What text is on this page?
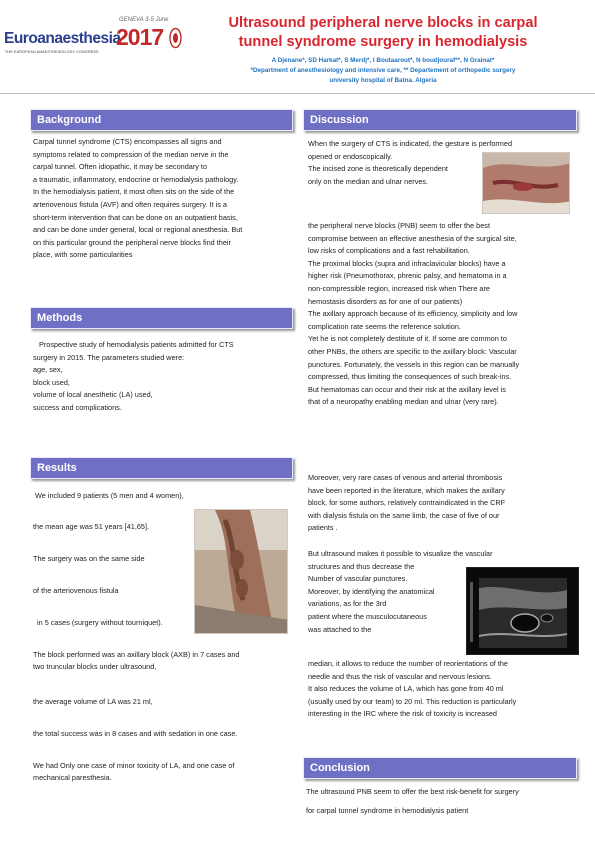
GENEVA 3-5 June
Euroanaesthesia
2017
THE EUROPEAN ANAESTHESIOLOGY CONGRESS
Ultrasound peripheral nerve blocks in carpal
tunnel syndrome surgery in hemodialysis
A Djenane*, SD Harkat*, S Merdj*, I Boutaarout*, N boudjouraf**, N Grainat*
*Department of anesthesiology and intensive care, ** Departement of orthopedic surgery
university hospital of Batna. Algeria
Background

Carpal tunnel syndrome (CTS) encompasses all signs and

symptoms related to compression of the median nerve in the

carpal tunnel. Often idiopathic, it may be secondary to

a traumatic, inflammatory, endocrine or hemodialysis pathology.

In the hemodialysis patient, it most often sits on the side of the

arteriovenous fistula (AVF) and often requires surgery. It is a

short-term intervention that can be done on an outpatient basis,

and can be done under general, local or regional anesthesia. But

on this particular ground the peripheral nerve blocks find their

place, with some particularities

Methods

Prospective study of hemodialysis patients admitted for CTS

surgery in 2015. The parameters studied were:

age, sex,

block used,

volume of local anesthetic (LA) used,

success and complications.

Results
We included 9 patients (5 men and 4 women),
the mean age was 51 years [41,65].
The surgery was on the same side
of the arteriovenous fistula
in 5 cases (surgery without tourniquet).
The block performed was an axillary block (AXB) in 7 cases and
two truncular blocks under ultrasound,
the average volume of LA was 21 ml,
the total success was in 8 cases and with sedation in one case.
We had Only one case of minor toxicity of LA, and one case of
mechanical paresthesia.
Discussion

When the surgery of CTS is indicated, the gesture is performed

opened or endoscopically.

The incised zone is theoretically dependent

only on the median and ulnar nerves.

the peripheral nerve blocks (PNB) seem to offer the best

compromise between an effective anesthesia of the surgical site,

low risks of complications and a fast rehabilitation.

The proximal blocks (supra and infraclavicular blocks) have a

higher risk (Pneumothorax, phrenic palsy, and hematoma in a

non-compressible region, increased risk when There are

hemostasis disorders as for one of our patients)

The axillary approach because of its efficiency, simplicity and low

complication rate seems the reference solution.

Yet he is not completely destitute of it. If some are common to

other PNBs, the others are specific to the axillary block: Vascular

punctures. Fortunately, the vessels in this region can be manually

compressed, thus limiting the consequences of such break-ins.

But hematomas can occur and their risk at the axillary level is

that of a neuropathy enabling median and ulnar (very rare).

Moreover, very rare cases of venous and arterial thrombosis

have been reported in the literature, which makes the axillary

block, for some authors, relatively contraindicated in the CRF

with dialysis fistula on the same limb, the case of five of our

patients .

But ultrasound makes it possible to visualize the vascular

structures and thus decrease the

Number of vascular punctures.

Moreover, by identifying the anatomical

variations, as for the 3rd

patient where the musculocutaneous

was attached to the

median, it allows to reduce the number of reorientations of the

needle and thus the risk of vascular and nervous lesions.

It also reduces the volume of LA, which has gone from 40 ml

(usually used by our team) to 20 ml. This reduction is particularly

interesting in the IRC where the risk of toxicity is increased

Conclusion

The ultrasound PNB seem to offer the best risk-benefit for surgery

for carpal tunnel syndrome in hemodialysis patient
